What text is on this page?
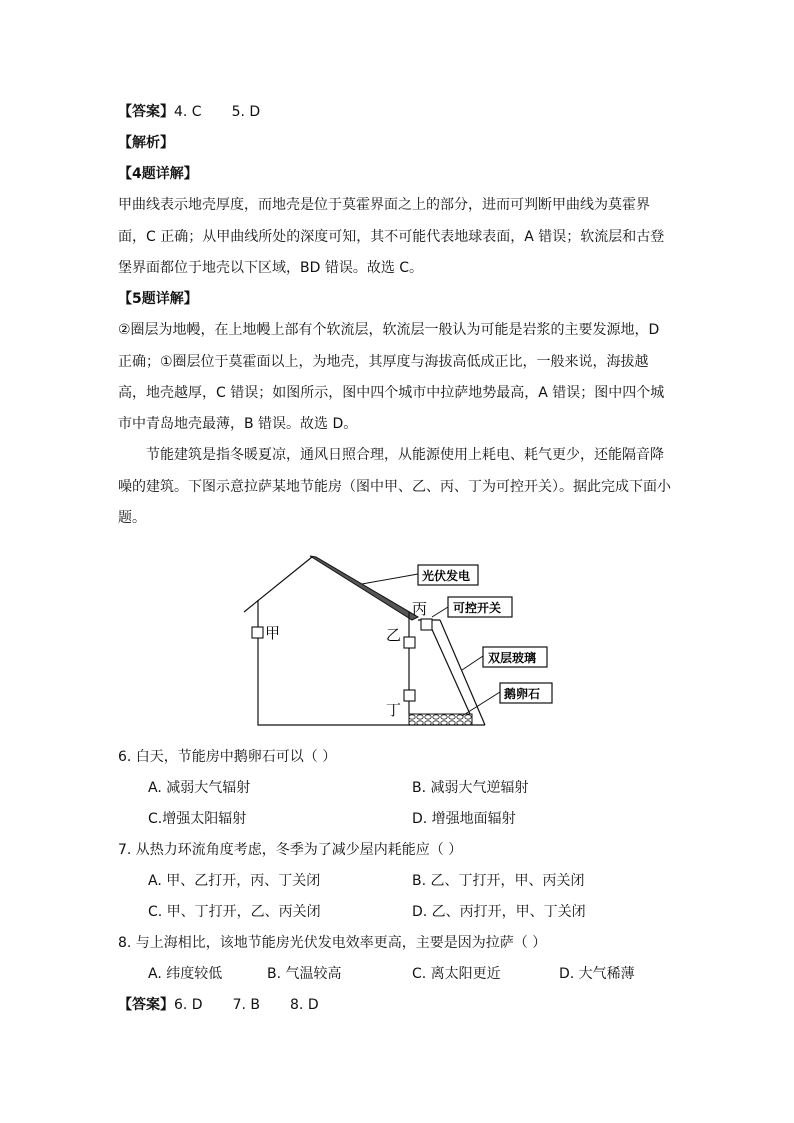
【答案】4. C 5. D
【解析】
【4题详解】
甲曲线表示地壳厚度，而地壳是位于莫霍界面之上的部分，进而可判断甲曲线为莫霍界
面，C 正确；从甲曲线所处的深度可知，其不可能代表地球表面，A 错误；软流层和古登
堡界面都位于地壳以下区域，BD 错误。故选 C。
【5题详解】
②圈层为地幔，在上地幔上部有个软流层，软流层一般认为可能是岩浆的主要发源地，D
正确；①圈层位于莫霍面以上，为地壳，其厚度与海拔高低成正比，一般来说，海拔越
高，地壳越厚，C 错误；如图所示，图中四个城市中拉萨地势最高，A 错误；图中四个城
市中青岛地壳最薄，B 错误。故选 D。
节能建筑是指冬暖夏凉，通风日照合理，从能源使用上耗电、耗气更少，还能隔音降
噪的建筑。下图示意拉萨某地节能房（图中甲、乙、丙、丁为可控开关）。据此完成下面小
题。
甲	乙
丁
丙
光伏发电
可控开关
双层玻璃
鹅卵石
6. 白天，节能房中鹅卵石可以（ ）
A. 减弱大气辐射	B. 减弱大气逆辐射
C.增强太阳辐射	D. 增强地面辐射
7. 从热力环流角度考虑，冬季为了减少屋内耗能应（ ）
A. 甲、乙打开，丙、丁关闭	B. 乙、丁打开，甲、丙关闭
C. 甲、丁打开，乙、丙关闭	D. 乙、丙打开，甲、丁关闭
8. 与上海相比，该地节能房光伏发电效率更高，主要是因为拉萨（ ）
A. 纬度较低	B. 气温较高	C. 离太阳更近	D. 大气稀薄
【答案】6. D 7. B 8. D
